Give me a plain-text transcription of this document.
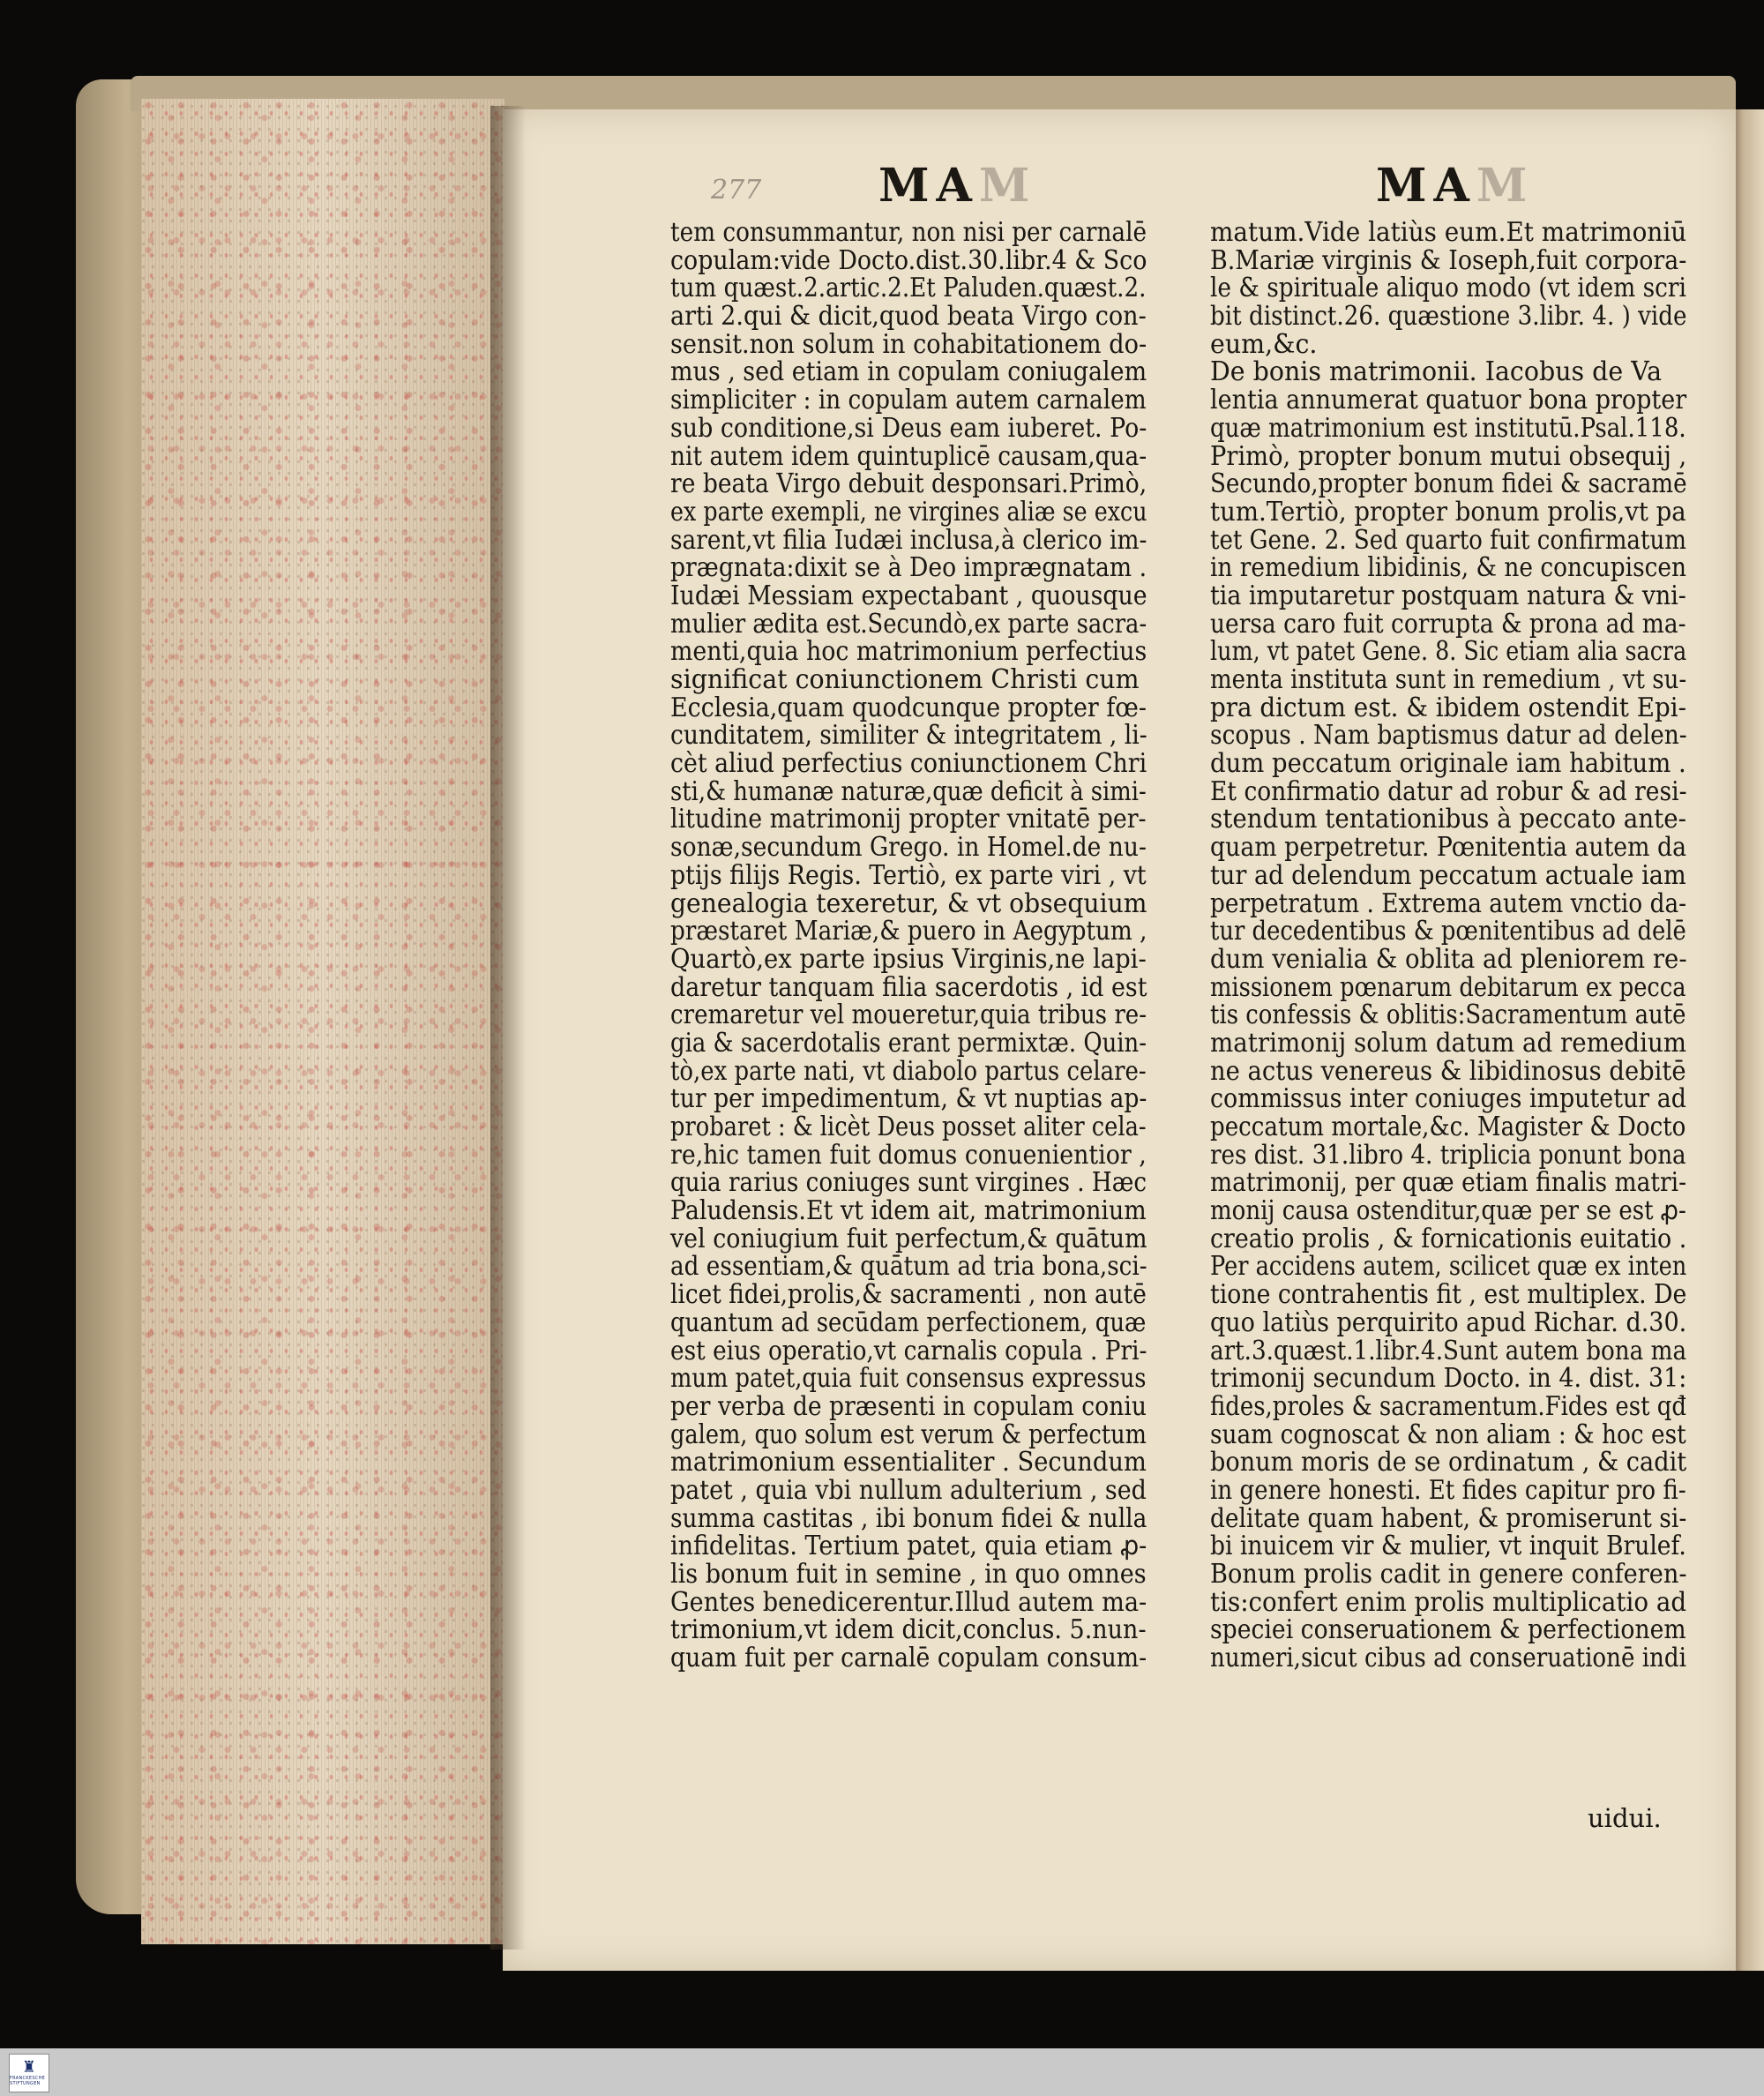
MAM	MAM
277
tem consummantur, non nisi per carnalē
copulam:vide Docto.dist.30.libr.4 & Sco
tum quæst.2.artic.2.Et Paluden.quæst.2.
arti 2.qui & dicit,quod beata Virgo con-
sensit.non solum in cohabitationem do-
mus , sed etiam in copulam coniugalem
simpliciter : in copulam autem carnalem
sub conditione,si Deus eam iuberet. Po-
nit autem idem quintuplicē causam,qua-
re beata Virgo debuit desponsari.Primò,
ex parte exempli, ne virgines aliæ se excu
sarent,vt filia Iudæi inclusa,à clerico im-
prægnata:dixit se à Deo imprægnatam .
Iudæi Messiam expectabant , quousque
mulier ædita est.Secundò,ex parte sacra-
menti,quia hoc matrimonium perfectius
significat coniunctionem Christi cum
Ecclesia,quam quodcunque propter fœ-
cunditatem, similiter & integritatem , li-
cèt aliud perfectius coniunctionem Chri
sti,& humanæ naturæ,quæ deficit à simi-
litudine matrimonij propter vnitatē per-
sonæ,secundum Grego. in Homel.de nu-
ptijs filijs Regis. Tertiò, ex parte viri , vt
genealogia texeretur, & vt obsequium
præstaret Mariæ,& puero in Aegyptum ,
Quartò,ex parte ipsius Virginis,ne lapi-
daretur tanquam filia sacerdotis , id est
cremaretur vel moueretur,quia tribus re-
gia & sacerdotalis erant permixtæ. Quin-
tò,ex parte nati, vt diabolo partus celare-
tur per impedimentum, & vt nuptias ap-
probaret : & licèt Deus posset aliter cela-
re,hic tamen fuit domus conuenientior ,
quia rarius coniuges sunt virgines . Hæc
Paludensis.Et vt idem ait, matrimonium
vel coniugium fuit perfectum,& quātum
ad essentiam,& quātum ad tria bona,sci-
licet fidei,prolis,& sacramenti , non autē
quantum ad secūdam perfectionem, quæ
est eius operatio,vt carnalis copula . Pri-
mum patet,quia fuit consensus expressus
per verba de præsenti in copulam coniu
galem, quo solum est verum & perfectum
matrimonium essentialiter . Secundum
patet , quia vbi nullum adulterium , sed
summa castitas , ibi bonum fidei & nulla
infidelitas. Tertium patet, quia etiam ꝓ-
lis bonum fuit in semine , in quo omnes
Gentes benedicerentur.Illud autem ma-
trimonium,vt idem dicit,conclus. 5.nun-
quam fuit per carnalē copulam consum-
matum.Vide latiùs eum.Et matrimoniū
B.Mariæ virginis & Ioseph,fuit corpora-
le & spirituale aliquo modo (vt idem scri
bit distinct.26. quæstione 3.libr. 4. ) vide
eum,&c.
De bonis matrimonii. Iacobus de Va
lentia annumerat quatuor bona propter
quæ matrimonium est institutū.Psal.118.
Primò, propter bonum mutui obsequij ,
Secundo,propter bonum fidei & sacramē
tum.Tertiò, propter bonum prolis,vt pa
tet Gene. 2. Sed quarto fuit confirmatum
in remedium libidinis, & ne concupiscen
tia imputaretur postquam natura & vni-
uersa caro fuit corrupta & prona ad ma-
lum, vt patet Gene. 8. Sic etiam alia sacra
menta instituta sunt in remedium , vt su-
pra dictum est. & ibidem ostendit Epi-
scopus . Nam baptismus datur ad delen-
dum peccatum originale iam habitum .
Et confirmatio datur ad robur & ad resi-
stendum tentationibus à peccato ante-
quam perpetretur. Pœnitentia autem da
tur ad delendum peccatum actuale iam
perpetratum . Extrema autem vnctio da-
tur decedentibus & pœnitentibus ad delē
dum venialia & oblita ad pleniorem re-
missionem pœnarum debitarum ex pecca
tis confessis & oblitis:Sacramentum autē
matrimonij solum datum ad remedium
ne actus venereus & libidinosus debitē
commissus inter coniuges imputetur ad
peccatum mortale,&c. Magister & Docto
res dist. 31.libro 4. triplicia ponunt bona
matrimonij, per quæ etiam finalis matri-
monij causa ostenditur,quæ per se est ꝓ-
creatio prolis , & fornicationis euitatio .
Per accidens autem, scilicet quæ ex inten
tione contrahentis fit , est multiplex. De
quo latiùs perquirito apud Richar. d.30.
art.3.quæst.1.libr.4.Sunt autem bona ma
trimonij secundum Docto. in 4. dist. 31:
fides,proles & sacramentum.Fides est qđ
suam cognoscat & non aliam : & hoc est
bonum moris de se ordinatum , & cadit
in genere honesti. Et fides capitur pro fi-
delitate quam habent, & promiserunt si-
bi inuicem vir & mulier, vt inquit Brulef.
Bonum prolis cadit in genere conferen-
tis:confert enim prolis multiplicatio ad
speciei conseruationem & perfectionem
numeri,sicut cibus ad conseruationē indi
uidui.
♜
FRANCKESCHE STIFTUNGEN
